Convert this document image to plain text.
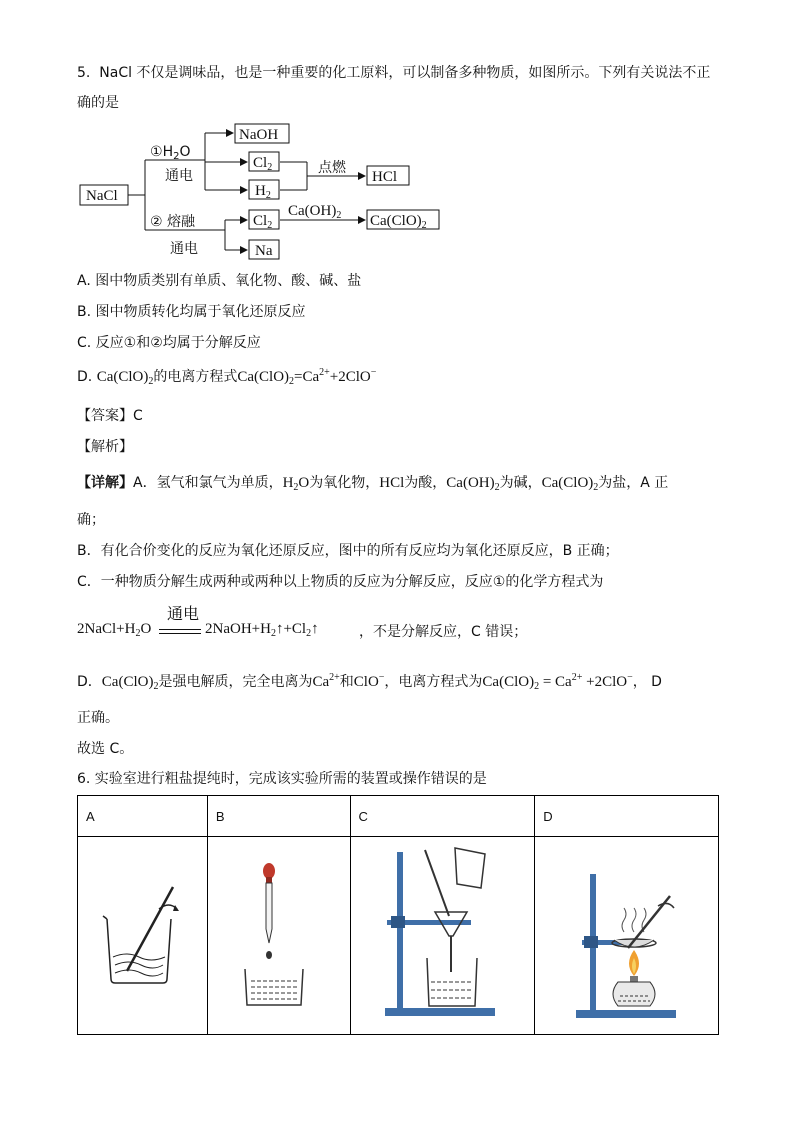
5. NaCl 不仅是调味品，也是一种重要的化工原料，可以制备多种物质，如图所示。下列有关说法不正
确的是
NaCl
$①H_2O$
通电
② 熔融
通电
NaOH
$Cl_2$
$H_2$
点燃
HCl
$Cl_2$
$Ca(OH)_2$ $Ca(ClO)_2$
Na
A. 图中物质类别有单质、氧化物、酸、碱、盐
B. 图中物质转化均属于氧化还原反应
C. 反应①和②均属于分解反应
D. $Ca(ClO)_2$的电离方程式$Ca(ClO)_2=Ca^{2+}+2ClO^-$
【答案】C
【解析】
【详解】A．氢气和氯气为单质，$H_2O$为氧化物，HCl为酸，$Ca(OH)_2$为碱，$Ca(ClO)_2$为盐，A 正
确；
B．有化合价变化的反应为氧化还原反应，图中的所有反应均为氧化还原反应，B 正确；
C．一种物质分解生成两种或两种以上物质的反应为分解反应，反应①的化学方程式为
$2NaCl+H_2O$
通电
$2NaOH+H_2↑+Cl_2↑$	，不是分解反应，C 错误；
D．$Ca(ClO)_2$是强电解质，完全电离为$Ca^{2+}$和ClO−，电离方程式为$Ca(ClO)_2 = Ca^{2+} +2ClO^-$， D
正确。
故选 C。
6. 实验室进行粗盐提纯时，完成该实验所需的装置或操作错误的是
A	B	C	D
